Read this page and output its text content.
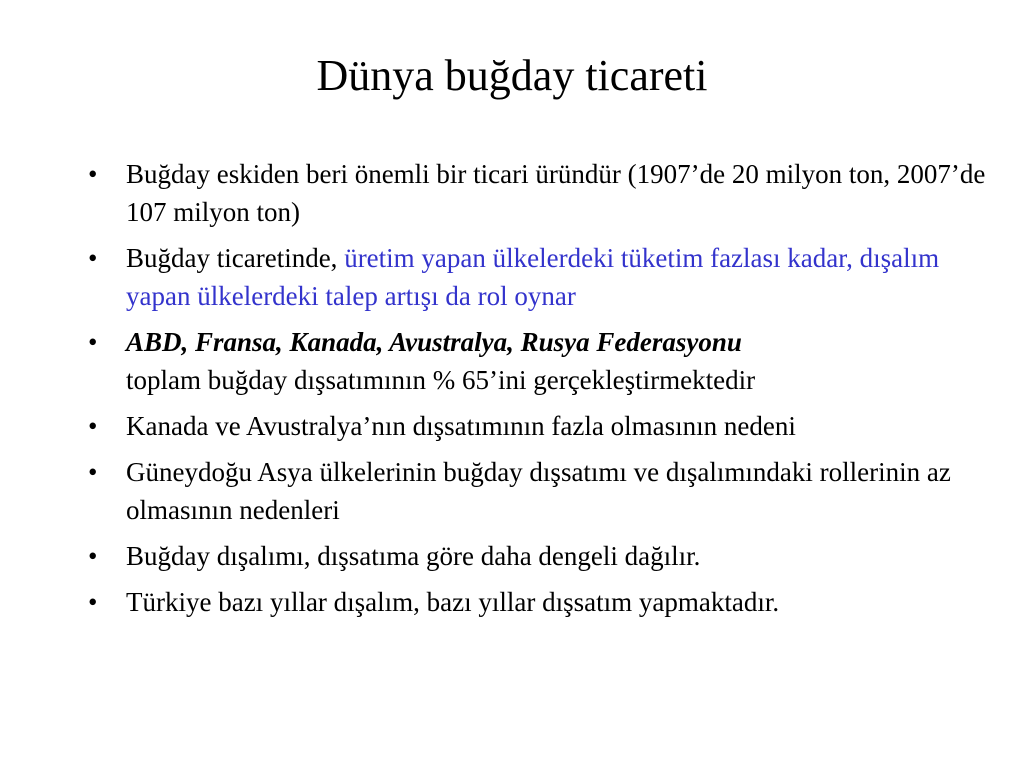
Dünya buğday ticareti
•	Buğday eskiden beri önemli bir ticari üründür (1907’de 20 milyon ton, 2007’de 107 milyon ton)
•	Buğday ticaretinde, üretim yapan ülkelerdeki tüketim fazlası kadar, dışalım yapan ülkelerdeki talep artışı da rol oynar
•	ABD, Fransa, Kanada, Avustralya, Rusya Federasyonu
toplam buğday dışsatımının % 65’ini gerçekleştirmektedir
•	Kanada ve Avustralya’nın dışsatımının fazla olmasının nedeni
•	Güneydoğu Asya ülkelerinin buğday dışsatımı ve dışalımındaki rollerinin az olmasının nedenleri
•	Buğday dışalımı, dışsatıma göre daha dengeli dağılır.
•	Türkiye bazı yıllar dışalım, bazı yıllar dışsatım yapmaktadır.
